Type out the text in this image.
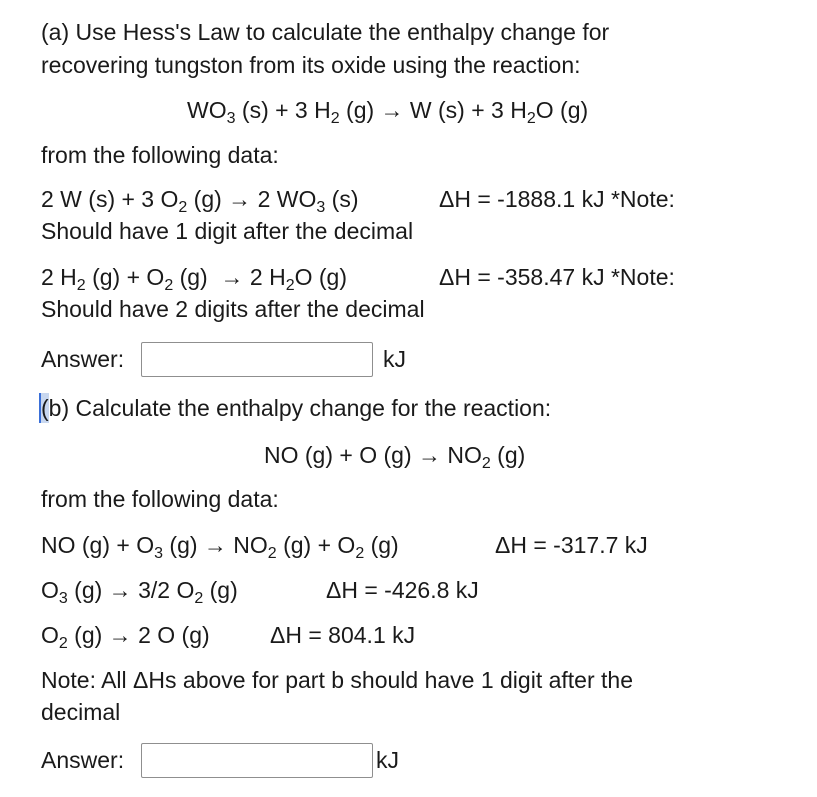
(a) Use Hess's Law to calculate the enthalpy change for
recovering tungston from its oxide using the reaction:
$WO_3$ (s) + 3 $H_2$ (g) → W (s) + 3 $H_2O$ (g)
from the following data:
2 W (s) + 3 $O_2$ (g) → 2 $WO_3$ (s)	ΔH = -1888.1 kJ *Note:
Should have 1 digit after the decimal
2 $H_2$ $(g) + O_2$ (g)  → 2 $H_2O$ (g)	ΔH = -358.47 kJ *Note:
Should have 2 digits after the decimal
Answer:	kJ
(b) Calculate the enthalpy change for the reaction:
NO (g) + O $(g) \to NO_2$ (g)
from the following data:
NO $(g) + O_3$ $(g) \to NO_2$ $(g) + O_2$ (g)	ΔH = -317.7 kJ
$O_3$ (g) → 3/2 $O_2$ (g)	ΔH = -426.8 kJ
$O_2$ (g) → 2 O (g)	ΔH = 804.1 kJ
Note: All ΔHs above for part b should have 1 digit after the
decimal
Answer:	kJ
